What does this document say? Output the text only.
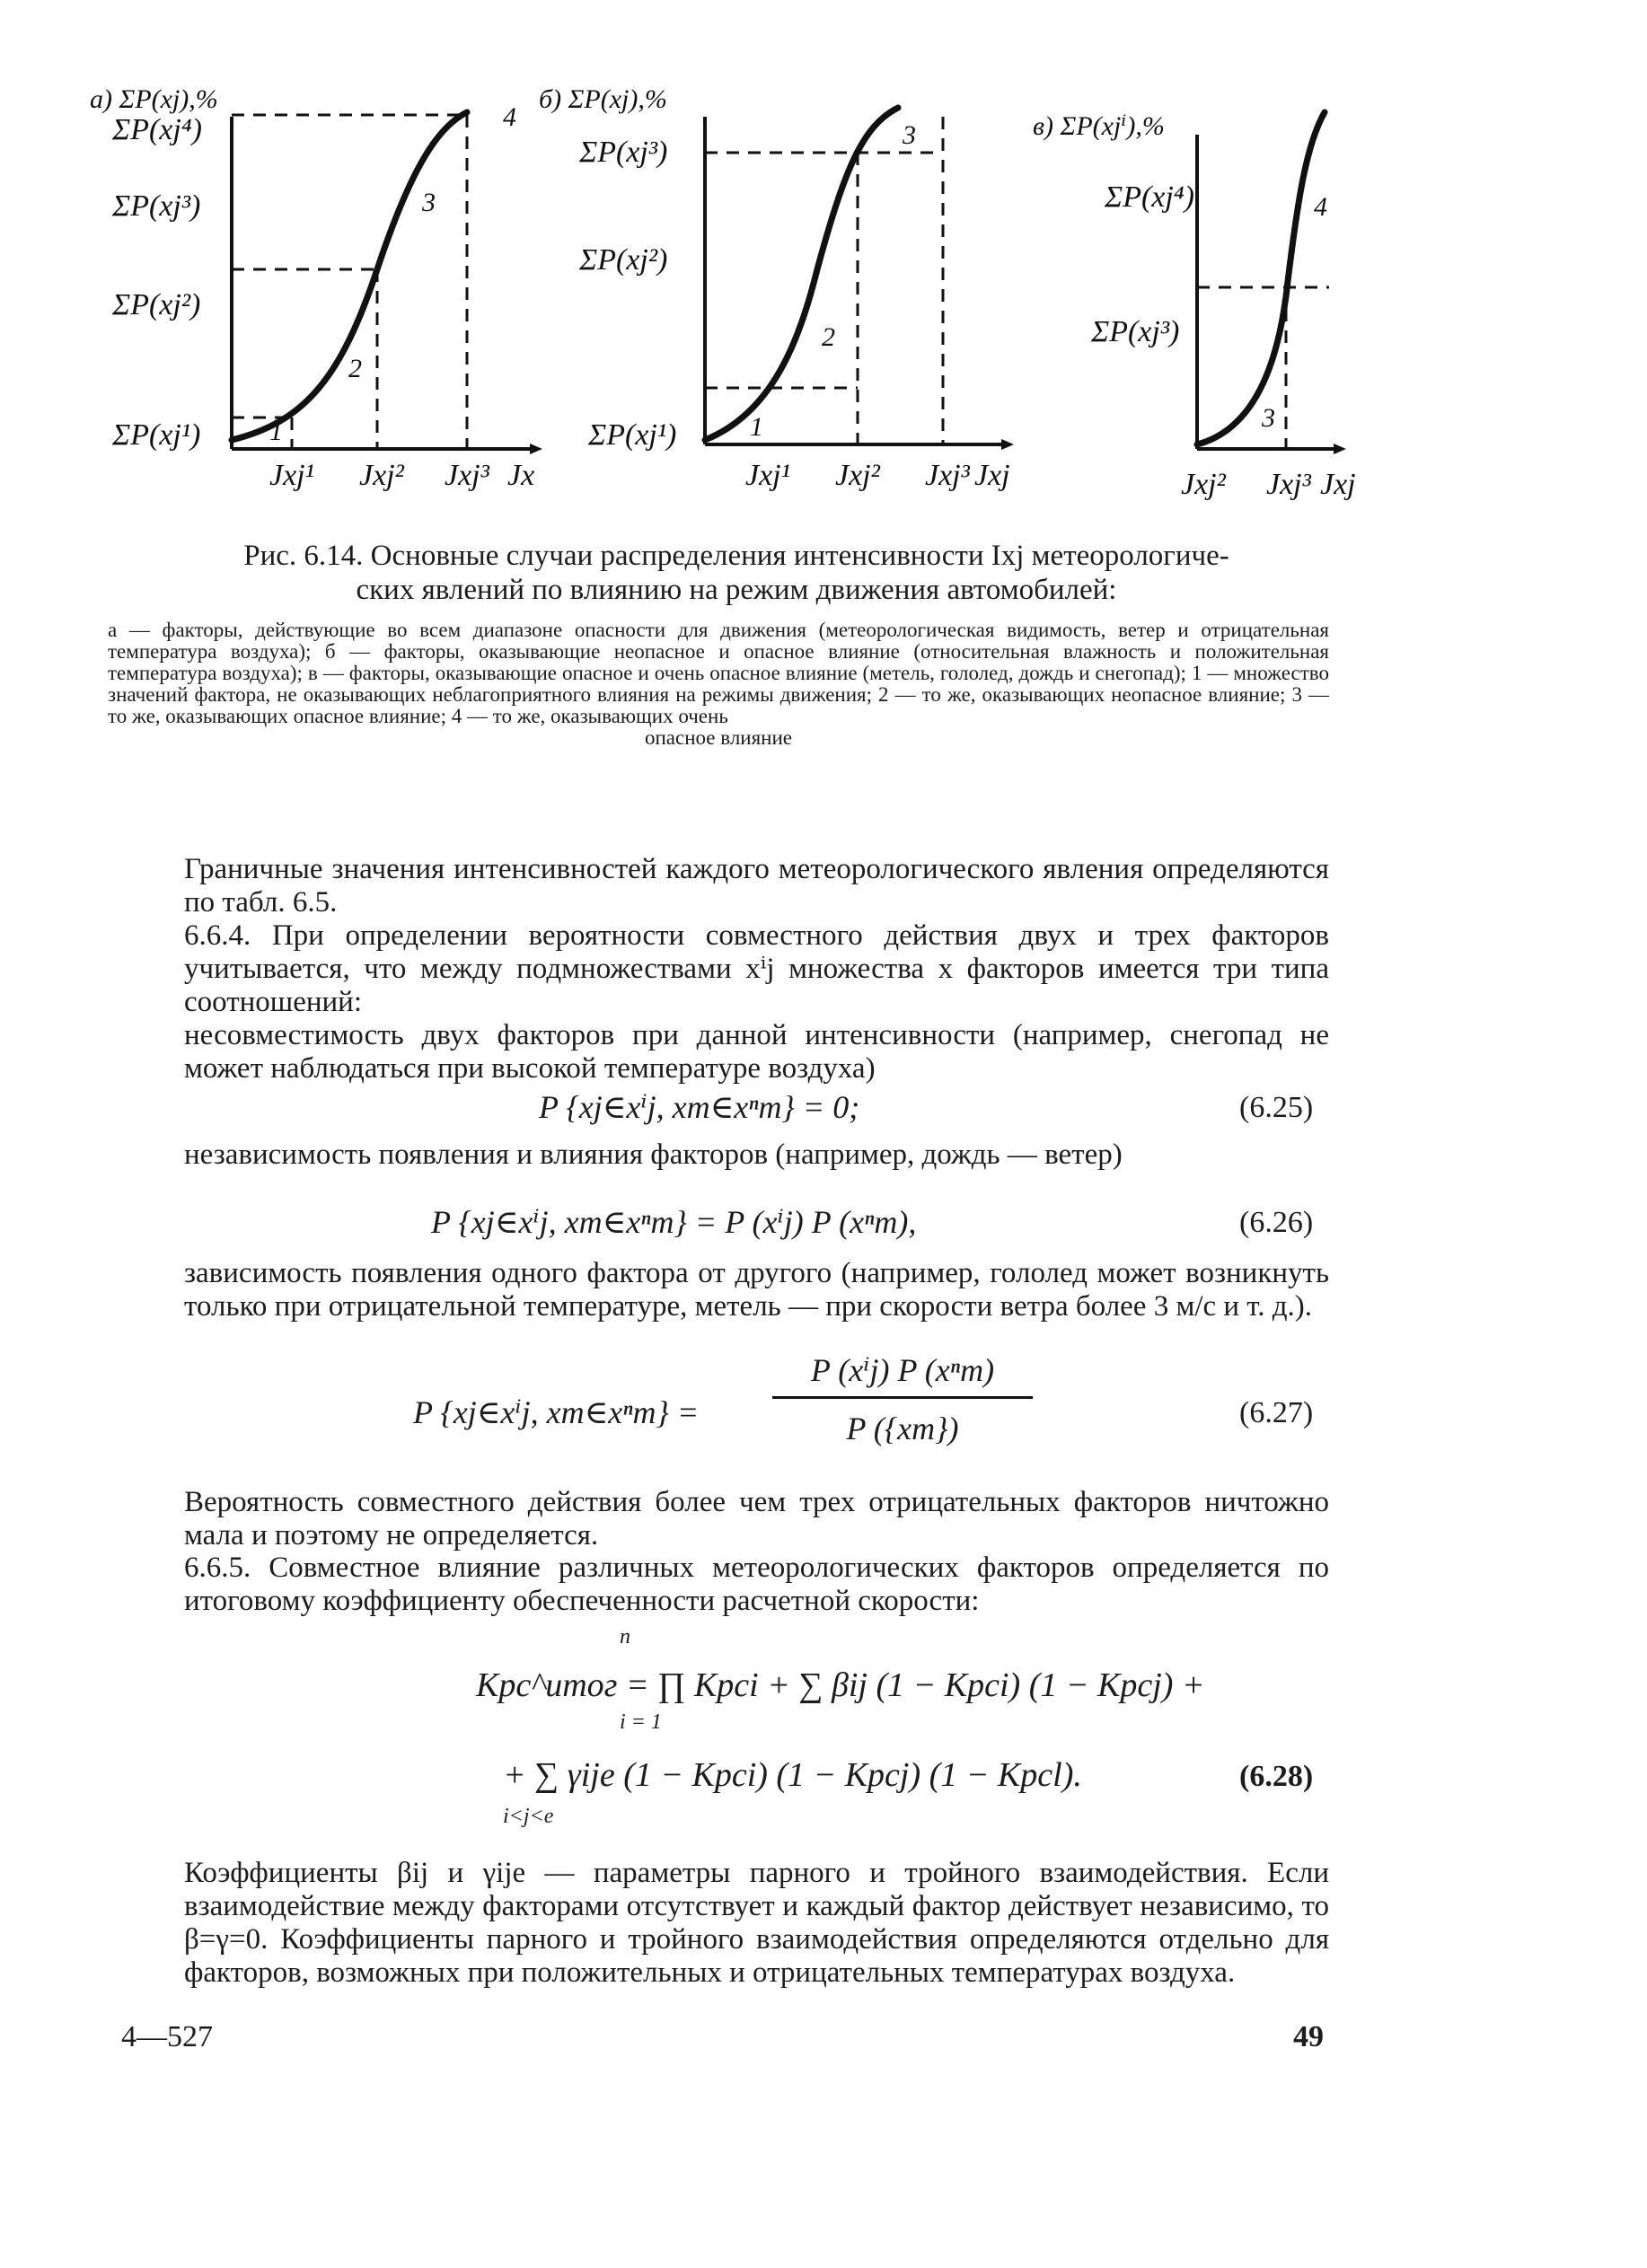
а) ΣP(xj),%
ΣP(xj⁴)
ΣP(xj³)
ΣP(xj²)
ΣP(xj¹)
Jxj¹ Jxj² Jxj³ Jx
1
2
3
4
б) ΣP(xj),%
ΣP(xj³)
ΣP(xj²)
ΣP(xj¹)
Jxj¹ Jxj² Jxj³ Jxj
1
2
3	в) ΣP(xjⁱ),%
ΣP(xj⁴)
ΣP(xj³)
Jxj² Jxj³ Jxj
4
3
Рис. 6.14. Основные случаи распределения интенсивности Ixj метеорологиче-
ских явлений по влиянию на режим движения автомобилей:
а — факторы, действующие во всем диапазоне опасности для движения (метеорологическая видимость, ветер и отрицательная температура воздуха); б — факторы, оказывающие неопасное и опасное влияние (относительная влажность и положительная температура воздуха); в — факторы, оказывающие опасное и очень опасное влияние (метель, гололед, дождь и снегопад); 1 — множество значений фактора, не оказывающих неблагоприятного влияния на режимы движения; 2 — то же, оказывающих неопасное влияние; 3 — то же, оказывающих опасное влияние; 4 — то же, оказывающих очень
опасное влияние
Граничные значения интенсивностей каждого метеорологического явления определяются по табл. 6.5.
6.6.4. При определении вероятности совместного действия двух и трех факторов учитывается, что между подмножествами xⁱj множества x факторов имеется три типа соотношений:
несовместимость двух факторов при данной интенсивности (например, снегопад не может наблюдаться при высокой температуре воздуха)
P {xj∈xⁱj, xm∈xⁿm} = 0;	(6.25)
независимость появления и влияния факторов (например, дождь — ветер)
P {xj∈xⁱj, xm∈xⁿm} = P (xⁱj) P (xⁿm),	(6.26)
зависимость появления одного фактора от другого (например, гололед может возникнуть только при отрицательной температуре, метель — при скорости ветра более 3 м/с и т. д.).
P {xj∈xⁱj, xm∈xⁿm} =
P (xⁱj) P (xⁿm)
P ({xm})	(6.27)
Вероятность совместного действия более чем трех отрицательных факторов ничтожно мала и поэтому не определяется.
6.6.5. Совместное влияние различных метеорологических факторов определяется по итоговому коэффициенту обеспеченности расчетной скорости:
Kрс^итог = ∏ Kрсi + ∑ βij (1 − Kрсi) (1 − Kрсj) +
n
i = 1
+ ∑ γije (1 − Kрсi) (1 − Kрсj) (1 − Kрсl).
i<j<e
(6.28)
Коэффициенты βij и γije — параметры парного и тройного взаимодействия. Если взаимодействие между факторами отсутствует и каждый фактор действует независимо, то β=γ=0. Коэффициенты парного и тройного взаимодействия определяются отдельно для факторов, возможных при положительных и отрицательных температурах воздуха.
4—527	49
